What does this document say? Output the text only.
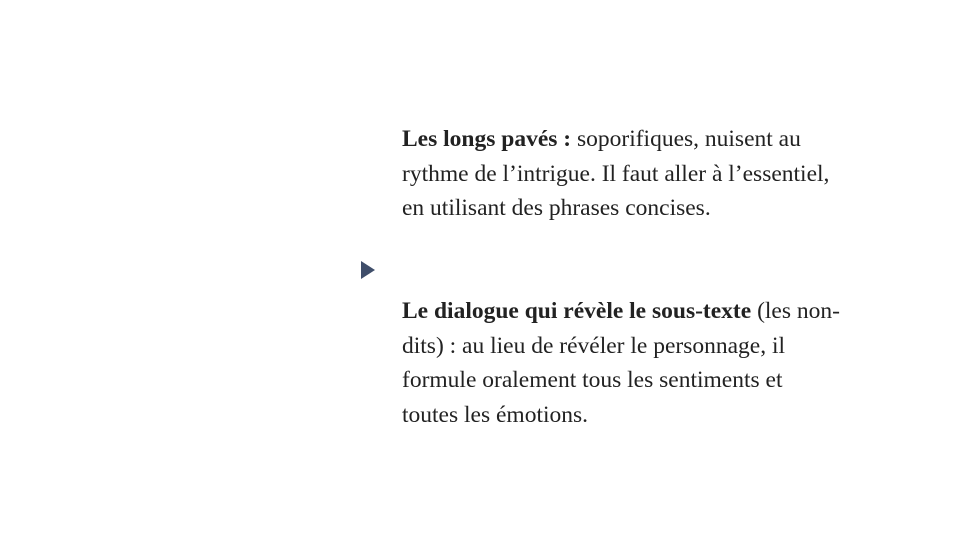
Les longs pavés : soporifiques, nuisent au rythme de l’intrigue. Il faut aller à l’essentiel, en utilisant des phrases concises.

Le dialogue qui révèle le sous-texte (les non-dits) : au lieu de révéler le personnage, il formule oralement tous les sentiments et toutes les émotions.
